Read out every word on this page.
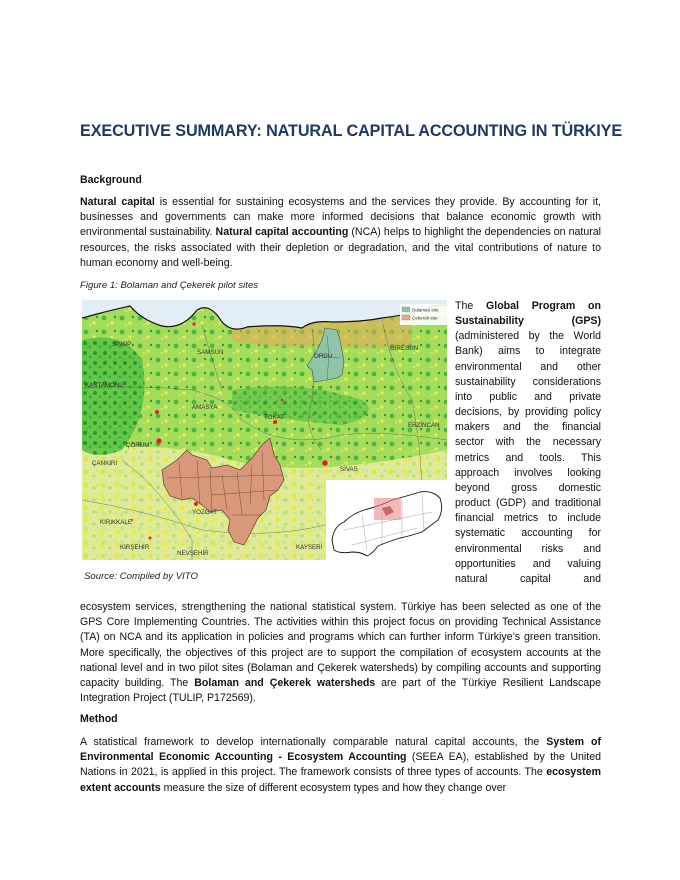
EXECUTIVE SUMMARY: NATURAL CAPITAL ACCOUNTING IN TÜRKIYE
Background
Natural capital is essential for sustaining ecosystems and the services they provide. By accounting for it, businesses and governments can make more informed decisions that balance economic growth with environmental sustainability. Natural capital accounting (NCA) helps to highlight the dependencies on natural resources, the risks associated with their depletion or degradation, and the vital contributions of nature to human economy and well-being.
Figure 1: Bolaman and Çekerek pilot sites
SİNOP
SAMSUN
ORDU
GİRESUN
KASTAMONU
AMASYA
TOKAT
ERZİNCAN
ÇORUM
ÇANKIRI
SİVAS
YOZGAT
KIRIKKALE
KIRŞEHİR
NEVŞEHİR
KAYSERİ
Bolaman site
Çekerek site
Source: Compiled by VITO
The Global Program on Sustainability (GPS) (administered by the World Bank) aims to integrate environmental and other sustainability considerations into public and private decisions, by providing policy makers and the financial sector with the necessary metrics and tools. This approach involves looking beyond gross domestic product (GDP) and traditional financial metrics to include systematic accounting for environmental risks and opportunities and valuing natural capital and
ecosystem services, strengthening the national statistical system. Türkiye has been selected as one of the GPS Core Implementing Countries. The activities within this project focus on providing Technical Assistance (TA) on NCA and its application in policies and programs which can further inform Türkiye’s green transition. More specifically, the objectives of this project are to support the compilation of ecosystem accounts at the national level and in two pilot sites (Bolaman and Çekerek watersheds) by compiling accounts and supporting capacity building. The Bolaman and Çekerek watersheds are part of the Türkiye Resilient Landscape Integration Project (TULIP, P172569).
Method
A statistical framework to develop internationally comparable natural capital accounts, the System of Environmental Economic Accounting - Ecosystem Accounting (SEEA EA), established by the United Nations in 2021, is applied in this project. The framework consists of three types of accounts. The ecosystem extent accounts measure the size of different ecosystem types and how they change over
